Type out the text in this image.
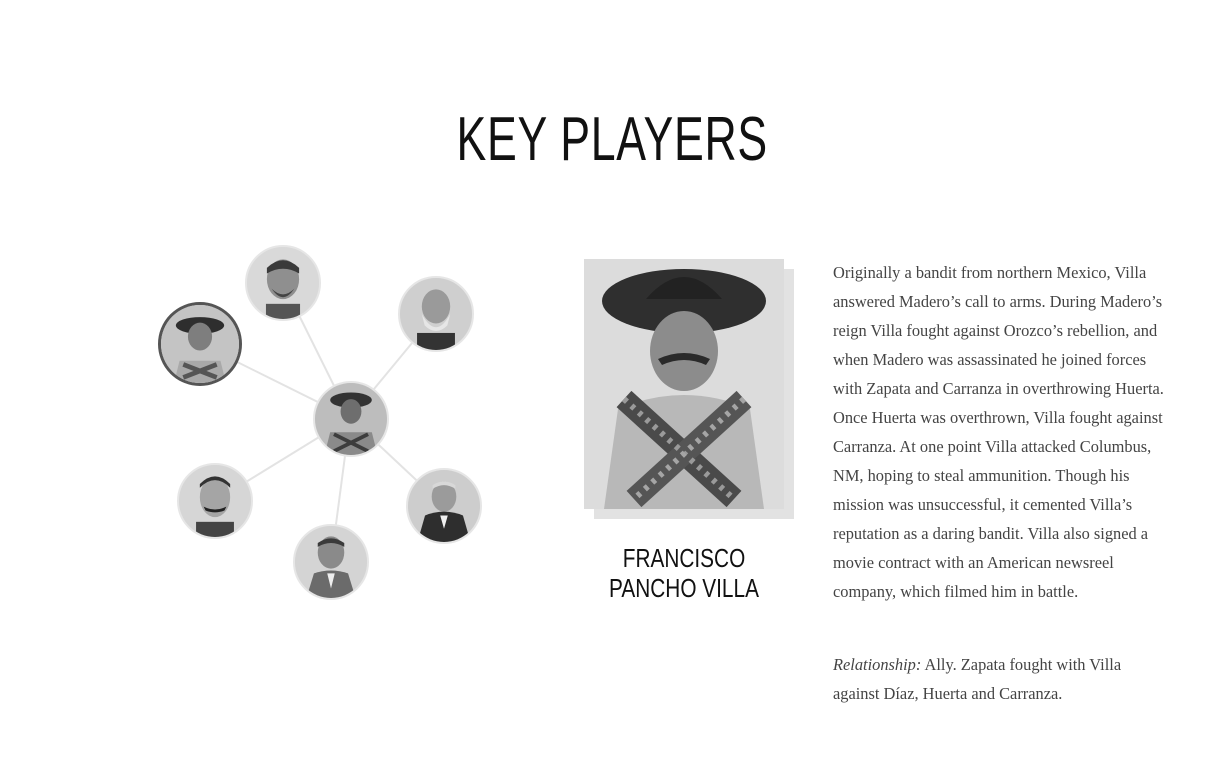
KEY PLAYERS
FRANCISCO PANCHO VILLA

Originally a bandit from northern Mexico, Villa answered Madero’s call to arms. During Madero’s reign Villa fought against Orozco’s rebellion, and when Madero was assassinated he joined forces with Zapata and Carranza in overthrowing Huerta. Once Huerta was overthrown, Villa fought against Carranza. At one point Villa attacked Columbus, NM, hoping to steal ammunition. Though his mission was unsuccessful, it cemented Villa’s reputation as a daring bandit. Villa also signed a movie contract with an American newsreel company, which filmed him in battle.

Relationship: Ally. Zapata fought with Villa against Díaz, Huerta and Carranza.
